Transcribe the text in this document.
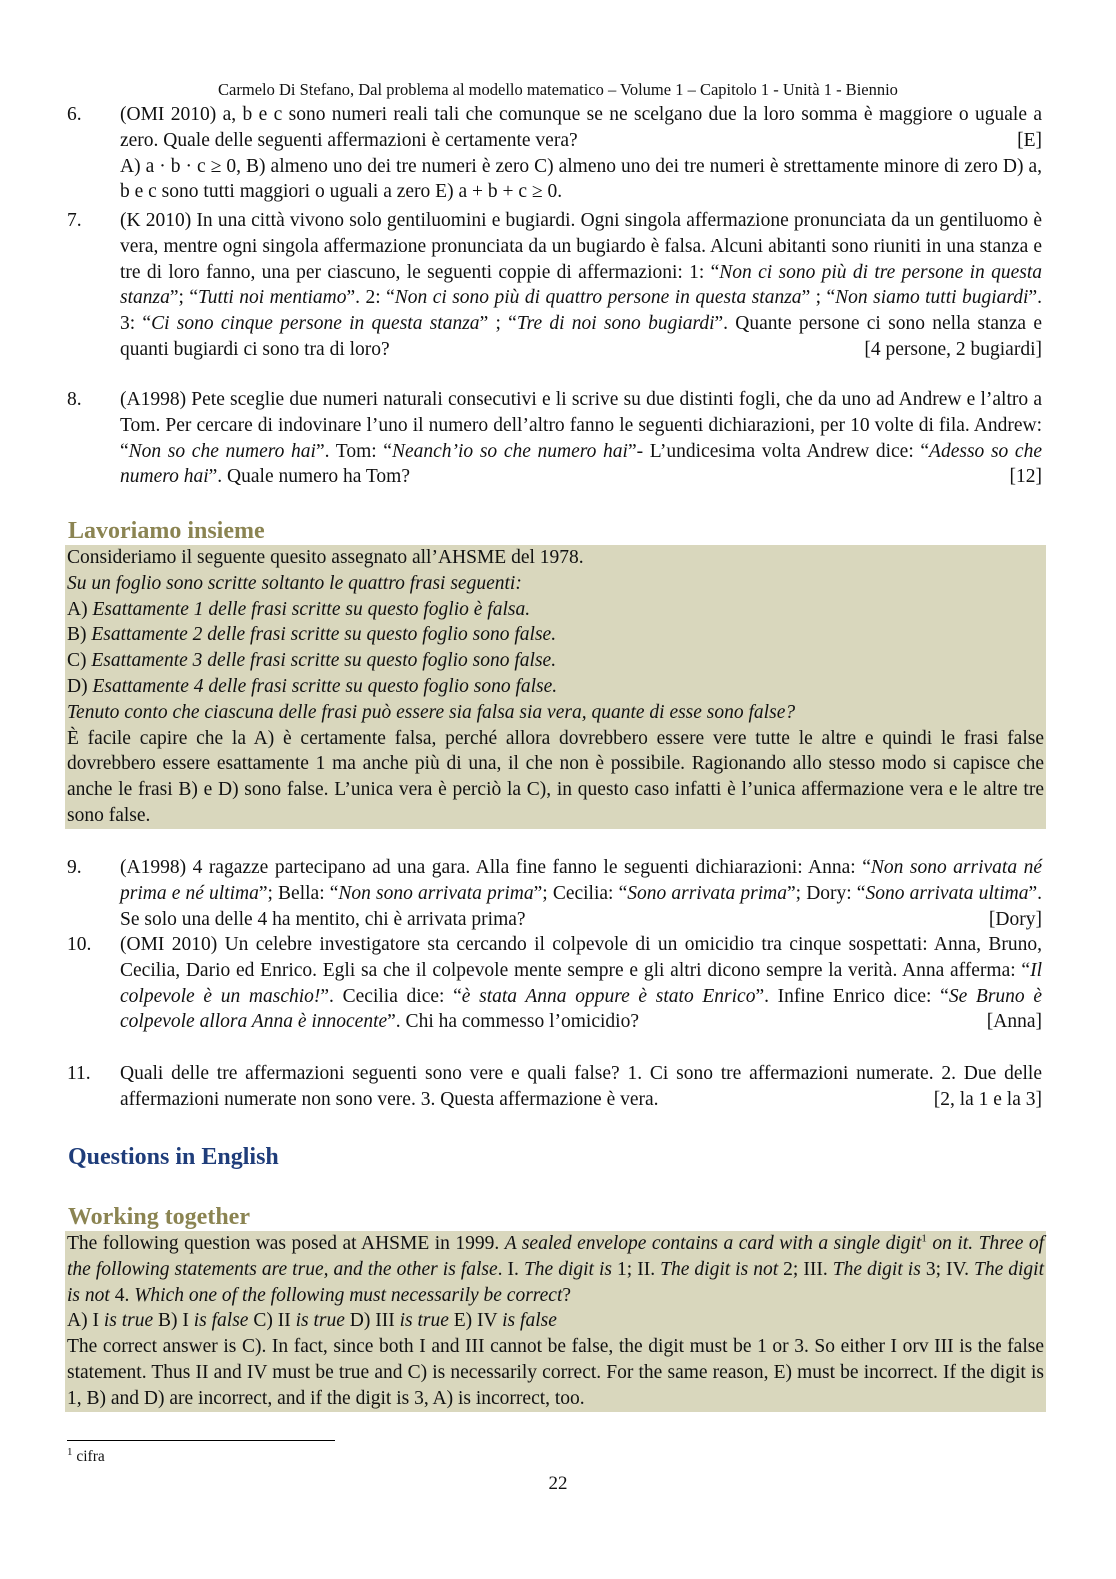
Carmelo Di Stefano, Dal problema al modello matematico – Volume 1 – Capitolo 1 - Unità 1 - Biennio
6. (OMI 2010) a, b e c sono numeri reali tali che comunque se ne scelgano due la loro somma è maggiore o uguale a zero. Quale delle seguenti affermazioni è certamente vera?	[E]

A) a · b · c ≥ 0, B) almeno uno dei tre numeri è zero C) almeno uno dei tre numeri è strettamente minore di zero D) a, b e c sono tutti maggiori o uguali a zero E) a + b + c ≥ 0.
7. (K 2010) In una città vivono solo gentiluomini e bugiardi. Ogni singola affermazione pronunciata da un gentiluomo è vera, mentre ogni singola affermazione pronunciata da un bugiardo è falsa. Alcuni abitanti sono riuniti in una stanza e tre di loro fanno, una per ciascuno, le seguenti coppie di affermazioni: 1: “Non ci sono più di tre persone in questa stanza”; “Tutti noi mentiamo”. 2: “Non ci sono più di quattro persone in questa stanza” ; “Non siamo tutti bugiardi”. 3: “Ci sono cinque persone in questa stanza” ; “Tre di noi sono bugiardi”. Quante persone ci sono nella stanza e quanti bugiardi ci sono tra di loro?	[4 persone, 2 bugiardi]
8. (A1998) Pete sceglie due numeri naturali consecutivi e li scrive su due distinti fogli, che da uno ad Andrew e l’altro a Tom. Per cercare di indovinare l’uno il numero dell’altro fanno le seguenti dichiarazioni, per 10 volte di fila. Andrew: “Non so che numero hai”. Tom: “Neanch’io so che numero hai”- L’undicesima volta Andrew dice: “Adesso so che numero hai”. Quale numero ha Tom?	[12]
Lavoriamo insieme

Consideriamo il seguente quesito assegnato all’AHSME del 1978.

Su un foglio sono scritte soltanto le quattro frasi seguenti:

A) Esattamente 1 delle frasi scritte su questo foglio è falsa.

B) Esattamente 2 delle frasi scritte su questo foglio sono false.

C) Esattamente 3 delle frasi scritte su questo foglio sono false.

D) Esattamente 4 delle frasi scritte su questo foglio sono false.

Tenuto conto che ciascuna delle frasi può essere sia falsa sia vera, quante di esse sono false?

È facile capire che la A) è certamente falsa, perché allora dovrebbero essere vere tutte le altre e quindi le frasi false dovrebbero essere esattamente 1 ma anche più di una, il che non è possibile. Ragionando allo stesso modo si capisce che anche le frasi B) e D) sono false. L’unica vera è perciò la C), in questo caso infatti è l’unica affermazione vera e le altre tre sono false.

9. (A1998) 4 ragazze partecipano ad una gara. Alla fine fanno le seguenti dichiarazioni: Anna: “Non sono arrivata né prima e né ultima”; Bella: “Non sono arrivata prima”; Cecilia: “Sono arrivata prima”; Dory: “Sono arrivata ultima”. Se solo una delle 4 ha mentito, chi è arrivata prima?	[Dory]
10. (OMI 2010) Un celebre investigatore sta cercando il colpevole di un omicidio tra cinque sospettati: Anna, Bruno, Cecilia, Dario ed Enrico. Egli sa che il colpevole mente sempre e gli altri dicono sempre la verità. Anna afferma: “Il colpevole è un maschio!”. Cecilia dice: “è stata Anna oppure è stato Enrico”. Infine Enrico dice: “Se Bruno è colpevole allora Anna è innocente”. Chi ha commesso l’omicidio?	[Anna]
11. Quali delle tre affermazioni seguenti sono vere e quali false? 1. Ci sono tre affermazioni numerate. 2. Due delle affermazioni numerate non sono vere. 3. Questa affermazione è vera.	[2, la 1 e la 3]
Questions in English
Working together

The following question was posed at AHSME in 1999. A sealed envelope contains a card with a single digit$^1$ on it. Three of the following statements are true, and the other is false. I. The digit is 1; II. The digit is not 2; III. The digit is 3; IV. The digit is not 4. Which one of the following must necessarily be correct?

A) I is true B) I is false C) II is true D) III is true E) IV is false

The correct answer is C). In fact, since both I and III cannot be false, the digit must be 1 or 3. So either I orv III is the false statement. Thus II and IV must be true and C) is necessarily correct. For the same reason, E) must be incorrect. If the digit is 1, B) and D) are incorrect, and if the digit is 3, A) is incorrect, too.

$^1$ cifra
22
